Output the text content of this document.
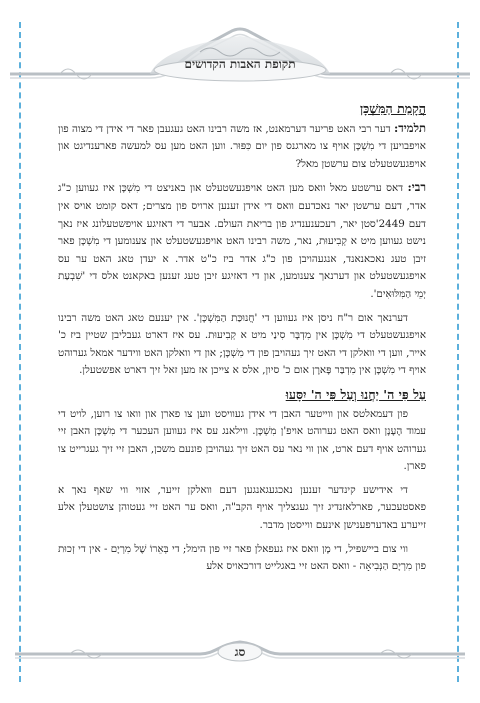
תקופת האבות הקדושים
הֲקָמַת הַמִּשְׁכָּן

תלמיד: דער רבי האט פריער דערמאנט, אז משה רבינו האט געגעבן פאר די אידן די מצוה פון אויפבויען די מִשְׁכָּן אויף צו מארגנס פון יום כִּפּוּר. ווען האט מען עס למעשה פארענדיגט און אויפגעשטעלט צום ערשטן מאל?

רבי: דאס ערשטע מאל וואס מען האט אויפגעשטעלט און באניצט די מִשְׁכָּן איז געווען כ"ג אדר, דעם ערשטן יאר נאכדעם וואס די אידן זענען ארויס פון מצרים; דאס קומט אויס אין דעם 2449'סטן יאר, רעכענענדיג פון בריאת העולם. אבער די דאזיגע אויפשטעלונג איז נאך נישט געווען מיט א קְבִיעוּת, נאר, משה רבינו האט אויפגעשטעלט און צענומען די מִשְׁכָּן פאר זיבן טעג נאכאנאנד, אנגעהויבן פון כ"ג אדר ביז כ"ט אדר. א יעדן טאג האט ער עס אויפגעשטעלט און דערנאך צענומען, און די דאזיגע זיבן טעג זענען באקאנט אלס די 'שִׁבְעַת יְמֵי הַמִּלּוּאִים'.

דערנאך אום ר"ח ניסן איז געווען די 'חֲנוּכַּת הַמִּשְׁכָּן'. אין יענעם טאג האט משה רבינו אויפגעשטעלט די מִשְׁכָּן אין מִדְבָּר סִינַי מיט א קְבִיעוּת. עס איז דארט געבליבן שטיין ביז כ' אייר, ווען די וואלקן די האט זיך געהויבן פון די מִשְׁכָּן; און די וואלקן האט ווידער אמאל גערוהט אויף די מִשְׁכָּן אין מִדְבַּר פָּארָן אום כ' סיון, אלס א צייכן אז מען זאל זיך דארט אפשטעלן.

עַל פִּי ה' יַחֲנוּ וְעַל פִּי ה' יִסָּעוּ

פון דעמאלטס און ווייטער האבן די אידן געוויסט ווען צו פארן און וואו צו רוען, לויט די עמוד הֶעָנָן וואס האט גערוהט אויפ'ן מִשְׁכָּן. ווילאנג עס איז געווען העכער די מִשְׁכָּן האבן זיי גערוהט אויף דעם ארט, און ווי נאר עס האט זיך געהויבן פונעם משכן, האבן זיי זיך געגרייט צו פארן.

די אידישע קינדער זענען נאכגעגאנגען דעם וואלקן זייער, אזוי ווי שאף נאך א פאסטעכער, פארלאזנדיג זיך געגצליך אויף הקב"ה, וואס ער האט זיי געטוהן צושטעלן אלע זייערע באדערפענישן אינעם ווייסטן מדבר.

ווי צום ביישפיל, די מָן וואס איז געפאלן פאר זיי פון הימל; די בְּאֵרוֹ שֶׁל מִרְיָם - אין די זְכוּת פון מִרְיָם הַנְּבִיאָה - וואס האט זיי באגלייט דורכאויס אלע

סג
